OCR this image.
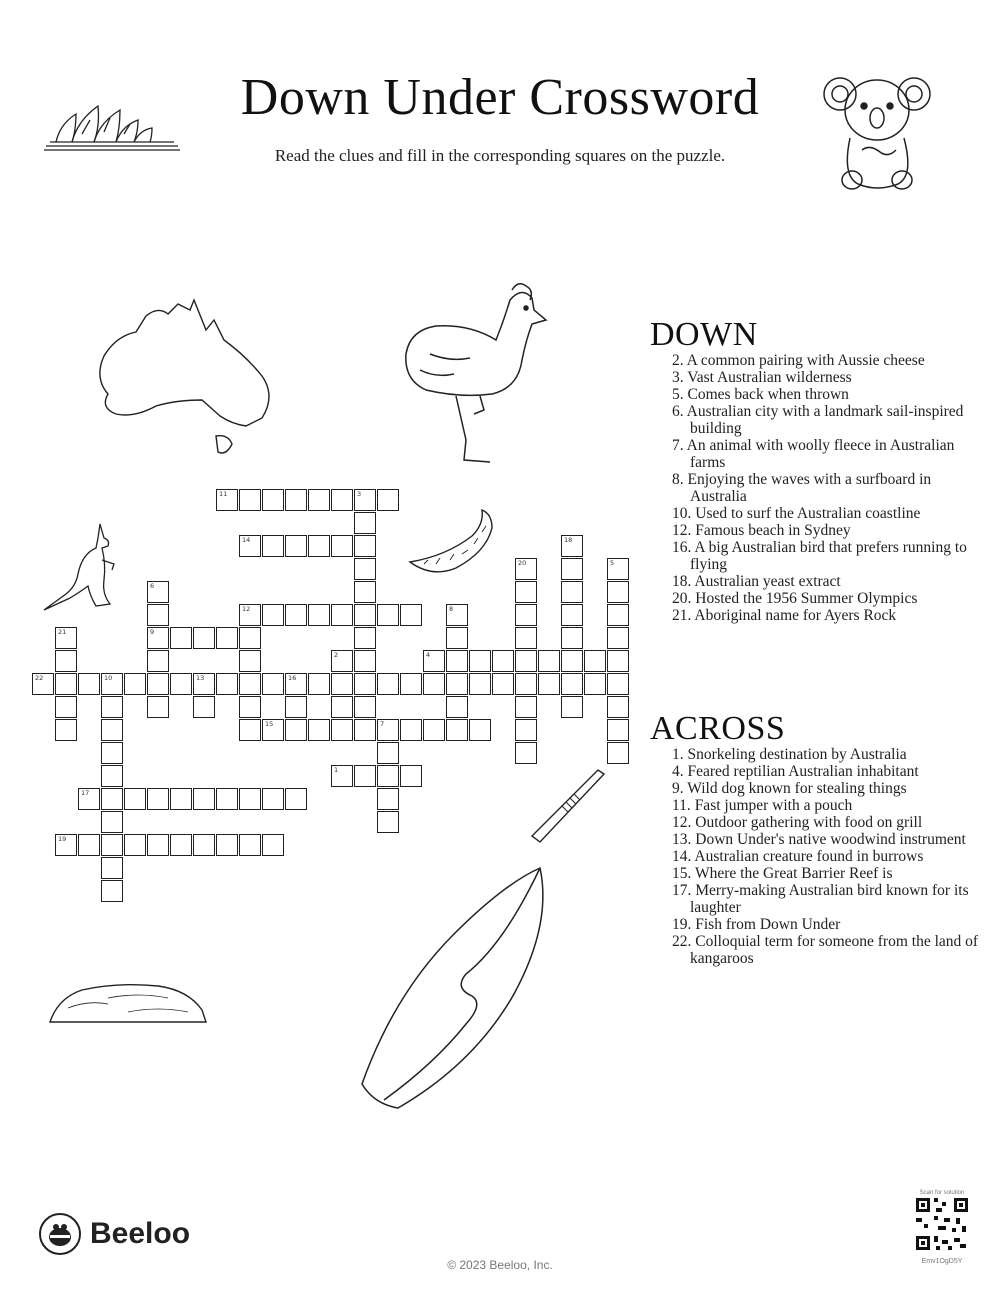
Down Under Crossword
Read the clues and fill in the corresponding squares on the puzzle.
11	3
14	18
20	5
6
9
12	8
21
2	4
22	10	13	16
15	7
1
17
19
DOWN
2. A common pairing with Aussie cheese
3. Vast Australian wilderness
5. Comes back when thrown
6. Australian city with a landmark sail-inspired building
7. An animal with woolly fleece in Australian farms
8. Enjoying the waves with a surfboard in Australia
10. Used to surf the Australian coastline
12. Famous beach in Sydney
16. A big Australian bird that prefers running to flying
18. Australian yeast extract
20. Hosted the 1956 Summer Olympics
21. Aboriginal name for Ayers Rock
ACROSS
1. Snorkeling destination by Australia
4. Feared reptilian Australian inhabitant
9. Wild dog known for stealing things
11. Fast jumper with a pouch
12. Outdoor gathering with food on grill
13. Down Under's native woodwind instrument
14. Australian creature found in burrows
15. Where the Great Barrier Reef is
17. Merry-making Australian bird known for its laughter
19. Fish from Down Under
22. Colloquial term for someone from the land of kangaroos
Beeloo
© 2023 Beeloo, Inc.
Scan for solution
Emv1OgD5Y
